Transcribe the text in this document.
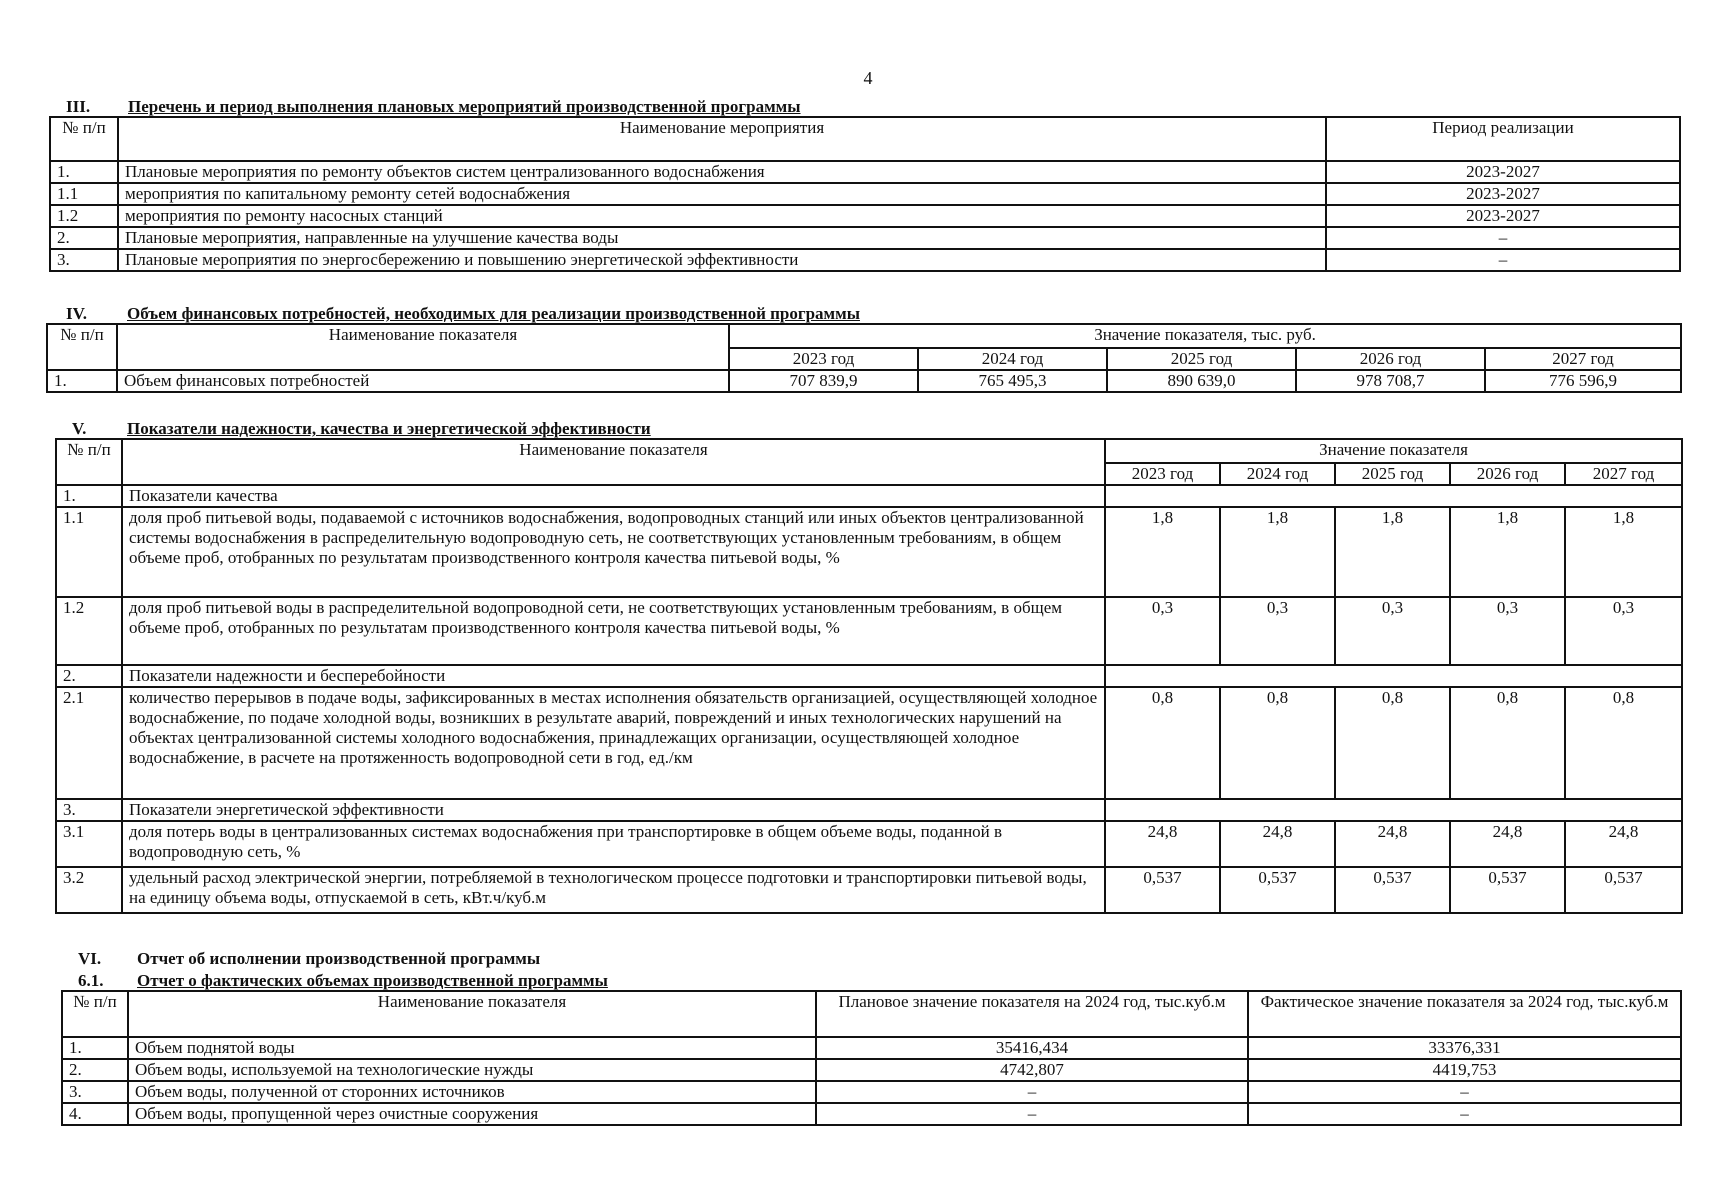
4
III. Перечень и период выполнения плановых мероприятий производственной программы
№ п/п	Наименование мероприятия	Период реализации
1.	Плановые мероприятия по ремонту объектов систем централизованного водоснабжения	2023-2027
1.1	мероприятия по капитальному ремонту сетей водоснабжения	2023-2027
1.2	мероприятия по ремонту насосных станций	2023-2027
2.	Плановые мероприятия, направленные на улучшение качества воды	–
3.	Плановые мероприятия по энергосбережению и повышению энергетической эффективности	–
IV. Объем финансовых потребностей, необходимых для реализации производственной программы
№ п/п	Наименование показателя	Значение показателя, тыс. руб.				
		2023 год	2024 год	2025 год	2026 год	2027 год
1.	Объем финансовых потребностей	707 839,9	765 495,3	890 639,0	978 708,7	776 596,9
V. Показатели надежности, качества и энергетической эффективности
№ п/п	Наименование показателя	Значение показателя				
		2023 год	2024 год	2025 год	2026 год	2027 год
1.	Показатели качества					
1.1	доля проб питьевой воды, подаваемой с источников водоснабжения, водопроводных станций или иных объектов централизованной системы водоснабжения в распределительную водопроводную сеть, не соответствующих установленным требованиям, в общем объеме проб, отобранных по результатам производственного контроля качества питьевой воды, %	1,8	1,8	1,8	1,8	1,8
1.2	доля проб питьевой воды в распределительной водопроводной сети, не соответствующих установленным требованиям, в общем объеме проб, отобранных по результатам производственного контроля качества питьевой воды, %	0,3	0,3	0,3	0,3	0,3
2.	Показатели надежности и бесперебойности					
2.1	количество перерывов в подаче воды, зафиксированных в местах исполнения обязательств организацией, осуществляющей холодное водоснабжение, по подаче холодной воды, возникших в результате аварий, повреждений и иных технологических нарушений на объектах централизованной системы холодного водоснабжения, принадлежащих организации, осуществляющей холодное водоснабжение, в расчете на протяженность водопроводной сети в год, ед./км	0,8	0,8	0,8	0,8	0,8
3.	Показатели энергетической эффективности					
3.1	доля потерь воды в централизованных системах водоснабжения при транспортировке в общем объеме воды, поданной в водопроводную сеть, %	24,8	24,8	24,8	24,8	24,8
3.2	удельный расход электрической энергии, потребляемой в технологическом процессе подготовки и транспортировки питьевой воды, на единицу объема воды, отпускаемой в сеть, кВт.ч/куб.м	0,537	0,537	0,537	0,537	0,537
VI. Отчет об исполнении производственной программы
6.1. Отчет о фактических объемах производственной программы
№ п/п	Наименование показателя	Плановое значение показателя на 2024 год, тыс.куб.м	Фактическое значение показателя за 2024 год, тыс.куб.м
1.	Объем поднятой воды	35416,434	33376,331
2.	Объем воды, используемой на технологические нужды	4742,807	4419,753
3.	Объем воды, полученной от сторонних источников	–	–
4.	Объем воды, пропущенной через очистные сооружения	–	–
